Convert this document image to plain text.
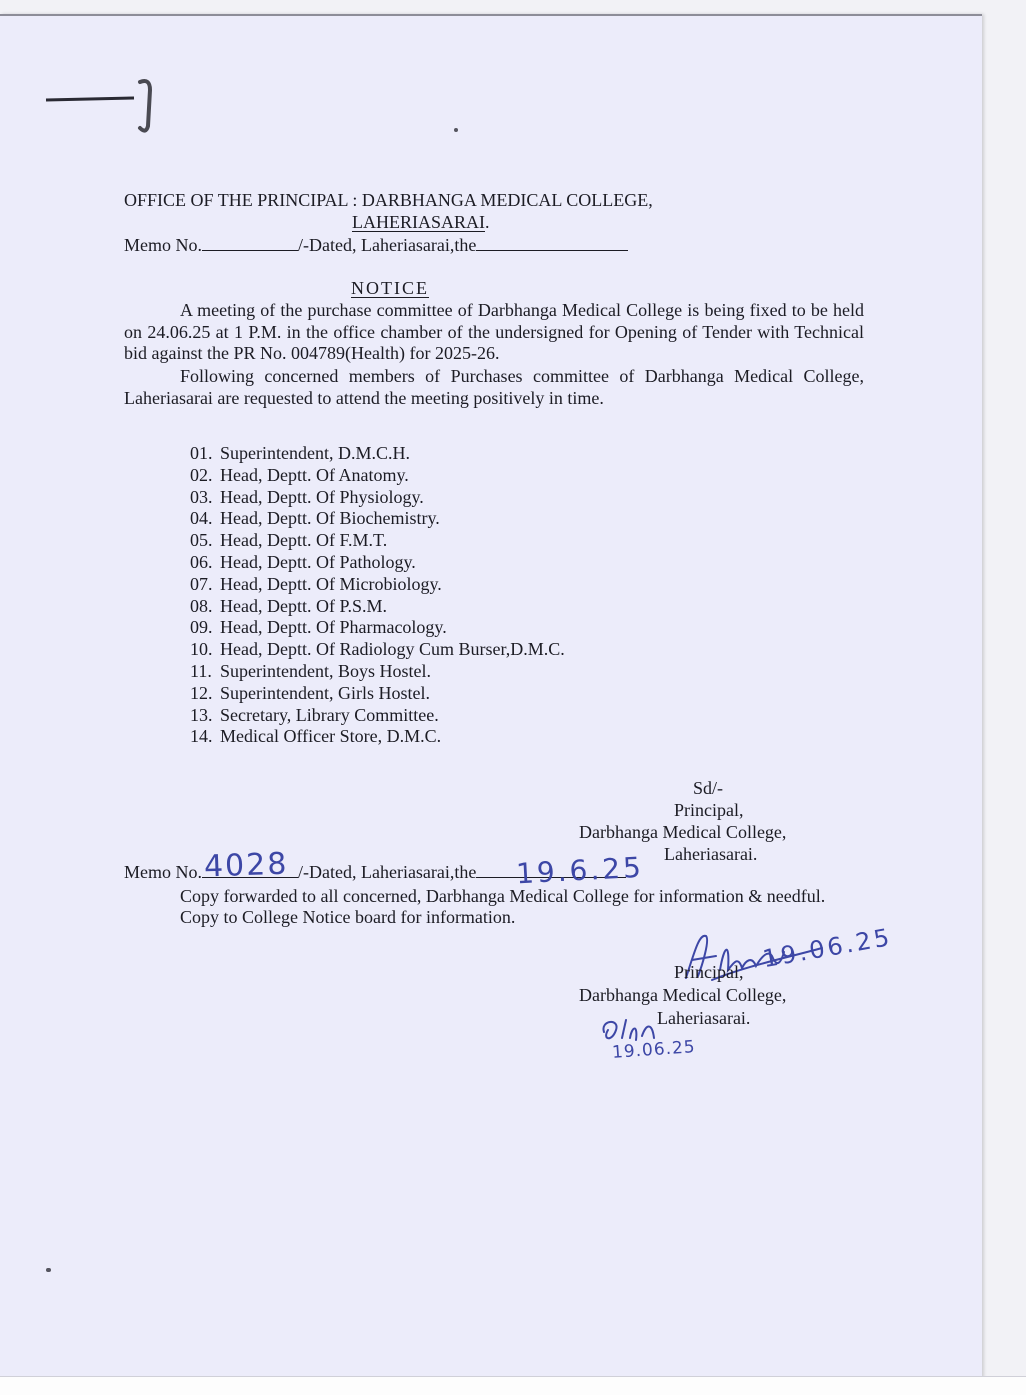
OFFICE OF THE PRINCIPAL : DARBHANGA MEDICAL COLLEGE,
LAHERIASARAI.
Memo No.	/-Dated, Laheriasarai,the
NOTICE
A meeting of the purchase committee of Darbhanga Medical College is being fixed to be held on 24.06.25 at 1 P.M. in the office chamber of the undersigned for Opening of Tender with Technical bid against the PR No. 004789(Health) for 2025-26.
Following concerned members of Purchases committee of Darbhanga Medical College, Laheriasarai are requested to attend the meeting positively in time.
01. Superintendent, D.M.C.H.
02. Head, Deptt. Of Anatomy.
03. Head, Deptt. Of Physiology.
04. Head, Deptt. Of Biochemistry.
05. Head, Deptt. Of F.M.T.
06. Head, Deptt. Of Pathology.
07. Head, Deptt. Of Microbiology.
08. Head, Deptt. Of P.S.M.
09. Head, Deptt. Of Pharmacology.
10. Head, Deptt. Of Radiology Cum Burser,D.M.C.
11. Superintendent, Boys Hostel.
12. Superintendent, Girls Hostel.
13. Secretary, Library Committee.
14. Medical Officer Store, D.M.C.
Sd/-
Principal,
Darbhanga Medical College,
Laheriasarai.
Memo No.	/-Dated, Laheriasarai,the
4028	19.6.25
Copy forwarded to all concerned, Darbhanga Medical College for information & needful.
Copy to College Notice board for information.
19.06.25
Principal,
Darbhanga Medical College,
Laheriasarai.
19.06.25
